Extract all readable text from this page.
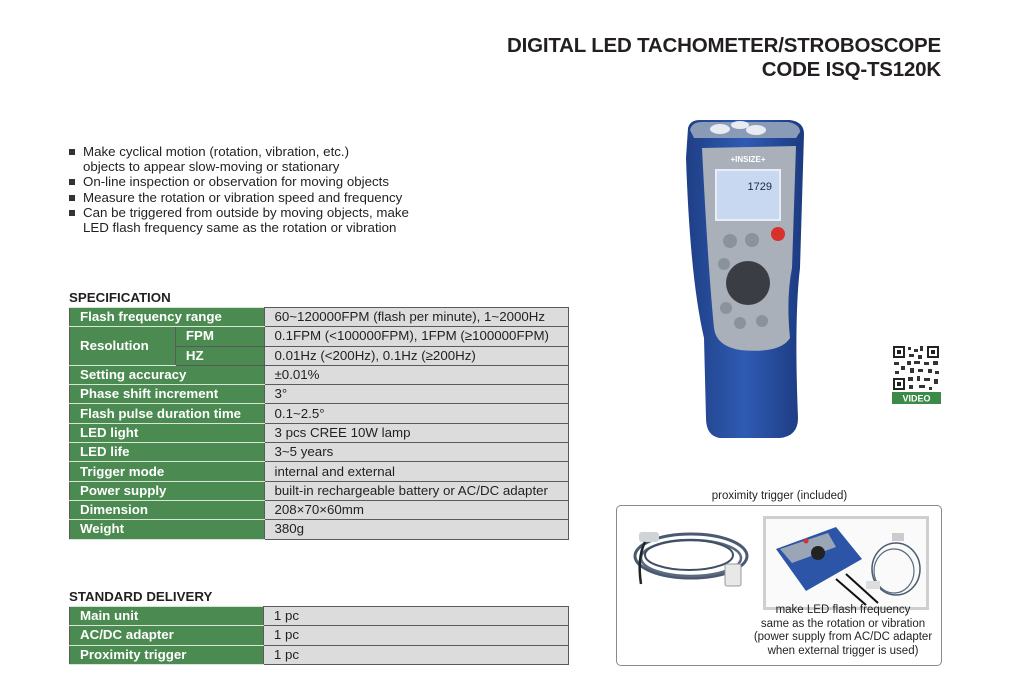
DIGITAL LED TACHOMETER/STROBOSCOPE
CODE ISQ-TS120K
Make cyclical motion (rotation, vibration, etc.)
objects to appear slow-moving or stationary
On-line inspection or observation for moving objects
Measure the rotation or vibration speed and frequency
Can be triggered from outside by moving objects, make
LED flash frequency same as the rotation or vibration
SPECIFICATION
Flash frequency range		60~120000FPM (flash per minute), 1~2000Hz
Resolution	FPM	0.1FPM (<100000FPM), 1FPM (≥100000FPM)
	HZ	0.01Hz (<200Hz), 0.1Hz (≥200Hz)
Setting accuracy		±0.01%
Phase shift increment		3°
Flash pulse duration time		0.1~2.5°
LED light		3 pcs CREE 10W lamp
LED life		3~5 years
Trigger mode		internal and external
Power supply		built-in rechargeable battery or AC/DC adapter
Dimension		208×70×60mm
Weight		380g
STANDARD DELIVERY
Main unit	1 pc
AC/DC adapter	1 pc
Proximity trigger	1 pc
+INSIZE+
1729
VIDEO
proximity trigger (included)
make LED flash frequency
same as the rotation or vibration
(power supply from AC/DC adapter
when external trigger is used)
